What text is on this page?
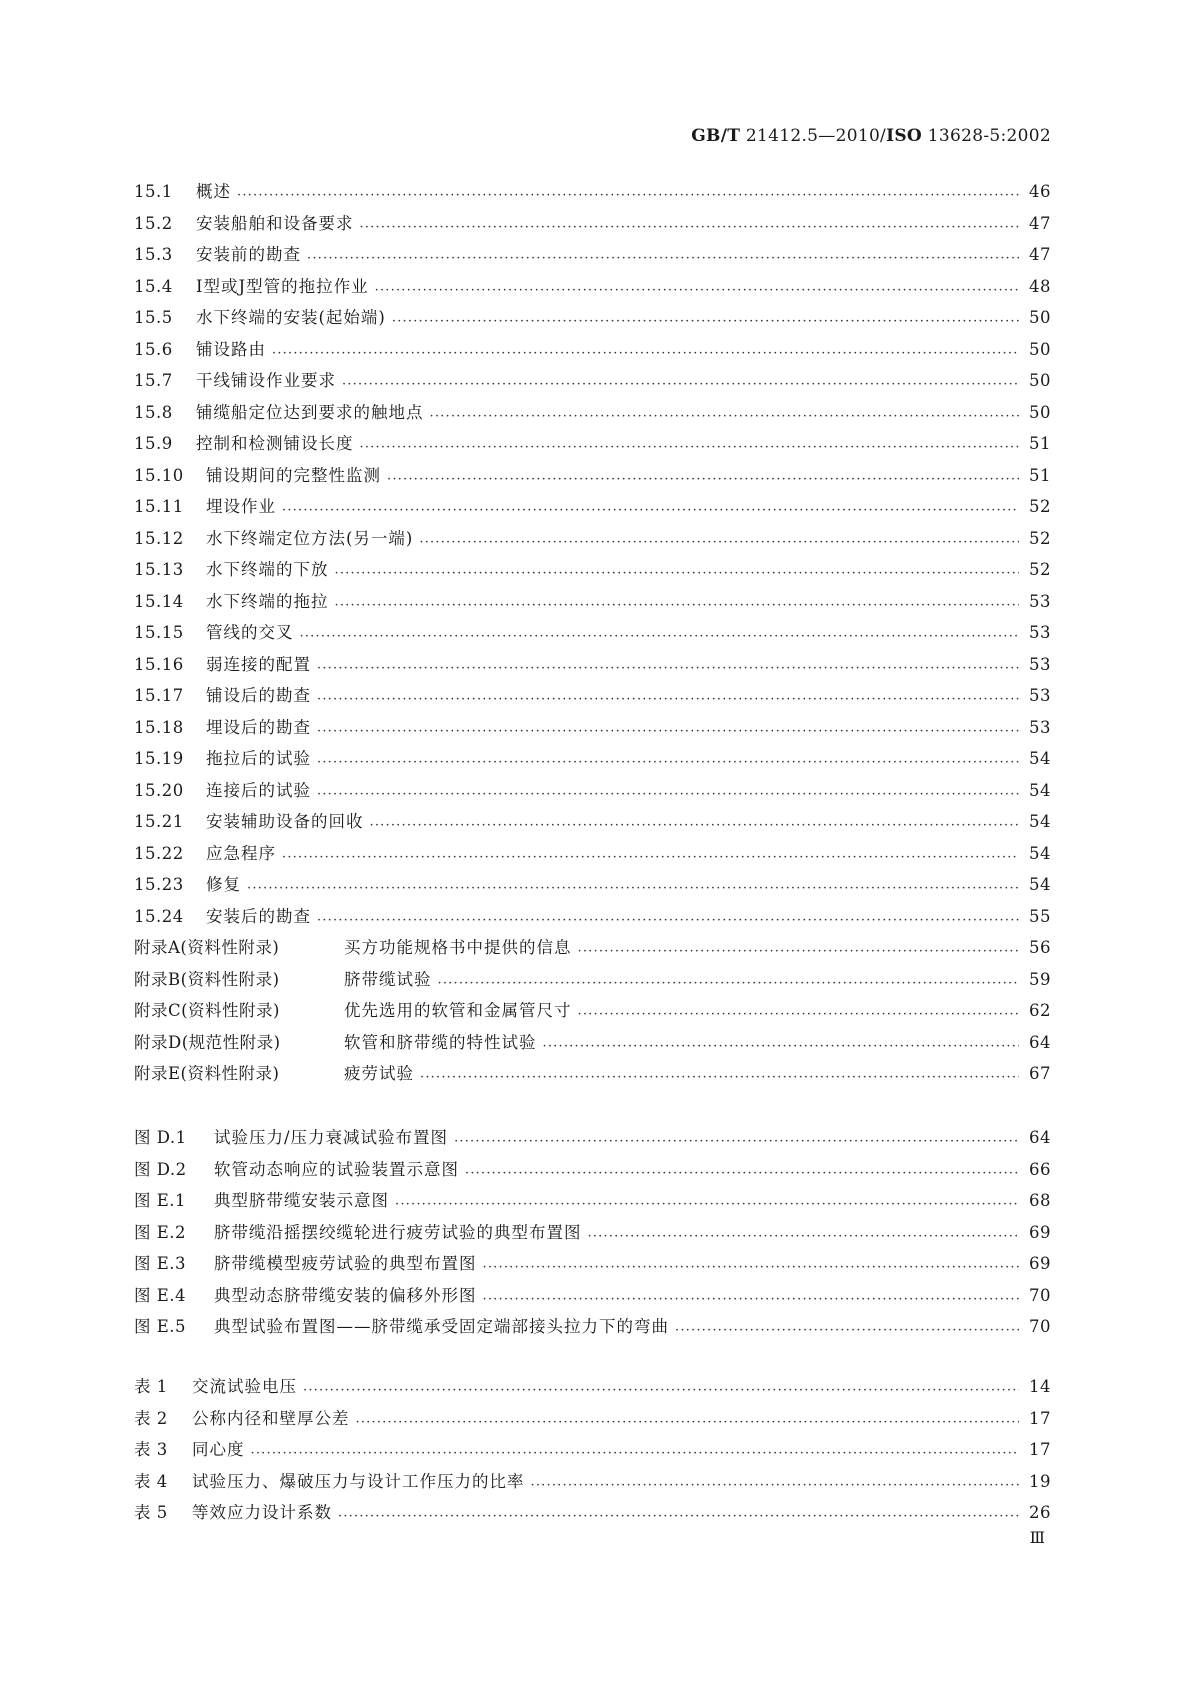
GB/T 21412.5—2010/ISO 13628-5:2002
15.1	概述 ·····	46
15.2	安装船舶和设备要求 ·····	47
15.3	安装前的勘查 ·····	47
15.4	I型或J型管的拖拉作业 ·····	48
15.5	水下终端的安装(起始端) ·····	50
15.6	铺设路由 ·····	50
15.7	干线铺设作业要求 ·····	50
15.8	铺缆船定位达到要求的触地点 ·····	50
15.9	控制和检测铺设长度 ·····	51
15.10	铺设期间的完整性监测 ·····	51
15.11	埋设作业 ·····	52
15.12	水下终端定位方法(另一端) ·····	52
15.13	水下终端的下放 ·····	52
15.14	水下终端的拖拉 ·····	53
15.15	管线的交叉 ·····	53
15.16	弱连接的配置 ·····	53
15.17	铺设后的勘查 ·····	53
15.18	埋设后的勘查 ·····	53
15.19	拖拉后的试验 ·····	54
15.20	连接后的试验 ·····	54
15.21	安装辅助设备的回收 ·····	54
15.22	应急程序 ·····	54
15.23	修复 ·····	54
15.24	安装后的勘查 ·····	55
附录A(资料性附录)	买方功能规格书中提供的信息 ·····	56
附录B(资料性附录)	脐带缆试验 ·····	59
附录C(资料性附录)	优先选用的软管和金属管尺寸 ·····	62
附录D(规范性附录)	软管和脐带缆的特性试验 ·····	64
附录E(资料性附录)	疲劳试验 ·····	67
图 D.1	试验压力/压力衰减试验布置图 ·····	64
图 D.2	软管动态响应的试验装置示意图 ·····	66
图 E.1	典型脐带缆安装示意图 ·····	68
图 E.2	脐带缆沿摇摆绞缆轮进行疲劳试验的典型布置图 ·····	69
图 E.3	脐带缆模型疲劳试验的典型布置图 ·····	69
图 E.4	典型动态脐带缆安装的偏移外形图 ·····	70
图 E.5	典型试验布置图——脐带缆承受固定端部接头拉力下的弯曲 ·····	70
表 1	交流试验电压 ·····	14
表 2	公称内径和壁厚公差 ·····	17
表 3	同心度 ·····	17
表 4	试验压力、爆破压力与设计工作压力的比率 ·····	19
表 5	等效应力设计系数 ·····	26
Ⅲ
